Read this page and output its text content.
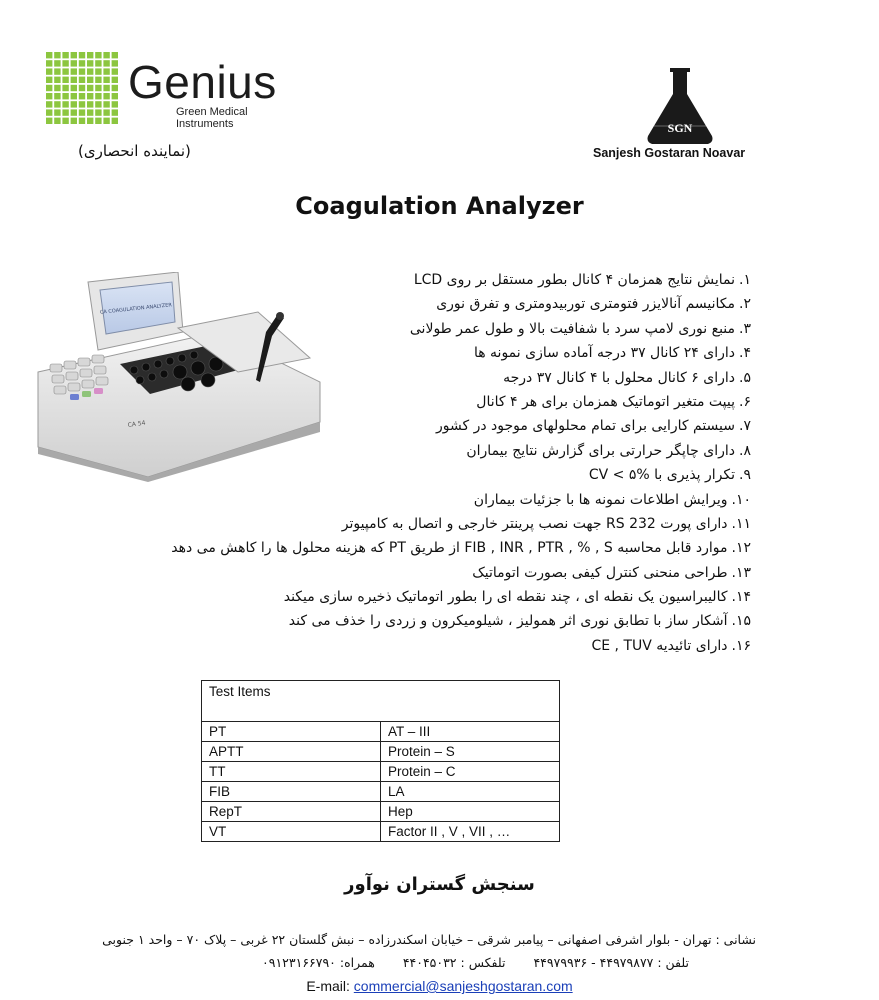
Genius
Green Medical Instruments
(نماینده انحصاری)
SGN
Sanjesh Gostaran Noavar
Coagulation Analyzer
CA COAGULATION ANALYZER
CA 54
۱.نمایش نتایج همزمان ۴ کانال بطور مستقل بر روی LCD
۲.مکانیسم آنالایزر فتومتری توربیدومتری و تفرق نوری
۳.منبع نوری لامپ سرد با شفافیت بالا و طول عمر طولانی
۴.دارای ۲۴ کانال ۳۷ درجه آماده سازی نمونه ها
۵.دارای ۶ کانال محلول با ۴ کانال ۳۷ درجه
۶.پیپت متغیر اتوماتیک همزمان برای هر ۴ کانال
۷.سیستم کارایی برای تمام محلولهای موجود در کشور
۸.دارای چاپگر حرارتی برای گزارش نتایج بیماران
۹.تکرار پذیری با CV < ۵%
۱۰.ویرایش اطلاعات نمونه ها با جزئیات بیماران
۱۱.دارای پورت RS 232 جهت نصب پرینتر خارجی و اتصال به کامپیوتر
۱۲.موارد قابل محاسبه FIB , INR , PTR , % , S از طریق PT که هزینه محلول ها را کاهش می دهد
۱۳.طراحی منحنی کنترل کیفی بصورت اتوماتیک
۱۴.کالیبراسیون یک نقطه ای ، چند نقطه ای را بطور اتوماتیک ذخیره سازی میکند
۱۵.آشکار ساز با تطابق نوری اثر همولیز ، شیلومیکرون و زردی را خذف می کند
۱۶.دارای تائیدیه CE , TUV
Test Items	
PT	AT – III
APTT	Protein – S
TT	Protein – C
FIB	LA
RepT	Hep
VT	Factor II , V , VII , …
سنجش گستران نوآور
نشانی : تهران - بلوار اشرفی اصفهانی – پیامبر شرقی – خیابان اسکندرزاده – نبش گلستان ۲۲ غربی – پلاک ۷۰ – واحد ۱ جنوبی
تلفن : ۴۴۹۷۹۸۷۷ - ۴۴۹۷۹۹۳۶ تلفکس : ۴۴۰۴۵۰۳۲ همراه: ۰۹۱۲۳۱۶۶۷۹۰
E-mail: commercial@sanjeshgostaran.com
